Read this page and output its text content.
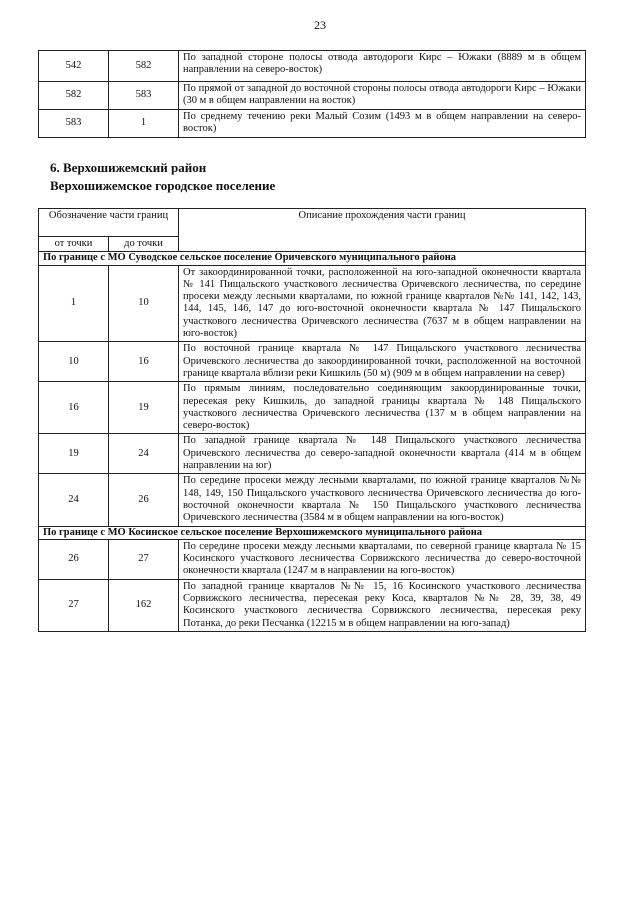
23
542	582	По западной стороне полосы отвода автодороги Кирс – Южаки (8889 м в общем направлении на северо-восток)
582	583	По прямой от западной до восточной стороны полосы отвода автодороги Кирс – Южаки (30 м в общем направлении на восток)
583	1	По среднему течению реки Малый Созим (1493 м в общем направлении на северо-восток)
6. Верхошижемский район
Верхошижемское городское поселение
Обозначение части границ		Описание прохождения части границ
от точки	до точки	
По границе с МО Суводское сельское поселение Оричевского муниципального района		
1	10	От закоординированной точки, расположенной на юго-западной оконечности квартала № 141 Пищальского участкового лесничества Оричевского лесничества, по середине просеки между лесными кварталами, по южной границе кварталов №№ 141, 142, 143, 144, 145, 146, 147 до юго-восточной оконечности квартала № 147 Пищальского участкового лесничества Оричевского лесничества (7637 м в общем направлении на юго-восток)
10	16	По восточной границе квартала № 147 Пищальского участкового лесничества Оричевского лесничества до закоординированной точки, расположенной на восточной границе квартала вблизи реки Кишкиль (50 м) (909 м в общем направлении на север)
16	19	По прямым линиям, последовательно соединяющим закоординированные точки, пересекая реку Кишкиль, до западной границы квартала № 148 Пищальского участкового лесничества Оричевского лесничества (137 м в общем направлении на северо-восток)
19	24	По западной границе квартала № 148 Пищальского участкового лесничества Оричевского лесничества до северо-западной оконечности квартала (414 м в общем направлении на юг)
24	26	По середине просеки между лесными кварталами, по южной границе кварталов №№ 148, 149, 150 Пищальского участкового лесничества Оричевского лесничества до юго-восточной оконечности квартала № 150 Пищальского участкового лесничества Оричевского лесничества (3584 м в общем направлении на юго-восток)
По границе с МО Косинское сельское поселение Верхошижемского муниципального района		
26	27	По середине просеки между лесными кварталами, по северной границе квартала № 15 Косинского участкового лесничества Сорвижского лесничества до северо-восточной оконечности квартала (1247 м в направлении на юго-восток)
27	162	По западной границе кварталов №№ 15, 16 Косинского участкового лесничества Сорвижского лесничества, пересекая реку Коса, кварталов №№ 28, 39, 38, 49 Косинского участкового лесничества Сорвижского лесничества, пересекая реку Потанка, до реки Песчанка (12215 м в общем направлении на юго-запад)
